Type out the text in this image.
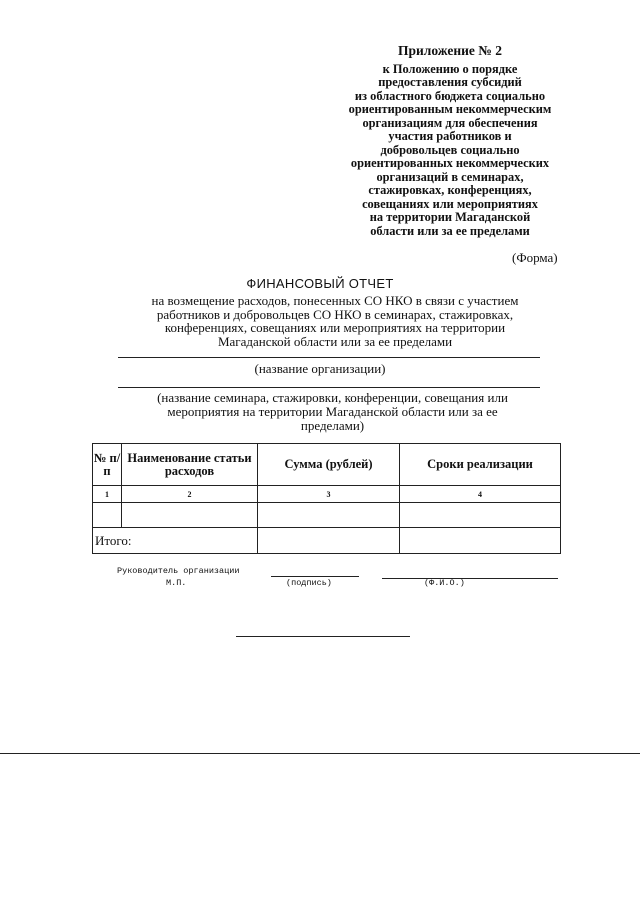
Приложение № 2
к Положению о порядке
предоставления субсидий
из областного бюджета социально
ориентированным некоммерческим
организациям для обеспечения
участия работников и
добровольцев социально
ориентированных некоммерческих
организаций в семинарах,
стажировках, конференциях,
совещаниях или мероприятиях
на территории Магаданской
области или за ее пределами
(Форма)
ФИНАНСОВЫЙ ОТЧЕТ
на возмещение расходов, понесенных СО НКО в связи с участием
работников и добровольцев СО НКО в семинарах, стажировках,
конференциях, совещаниях или мероприятиях на территории
Магаданской области или за ее пределами
(название организации)
(название семинара, стажировки, конференции, совещания или
мероприятия на территории Магаданской области или за ее
пределами)
№ п/п	Наименование статьи расходов	Сумма (рублей)	Сроки реализации
1	2	3	4

Итого:			
Руководитель организации
М.П.	(подпись)	(Ф.И.О.)
